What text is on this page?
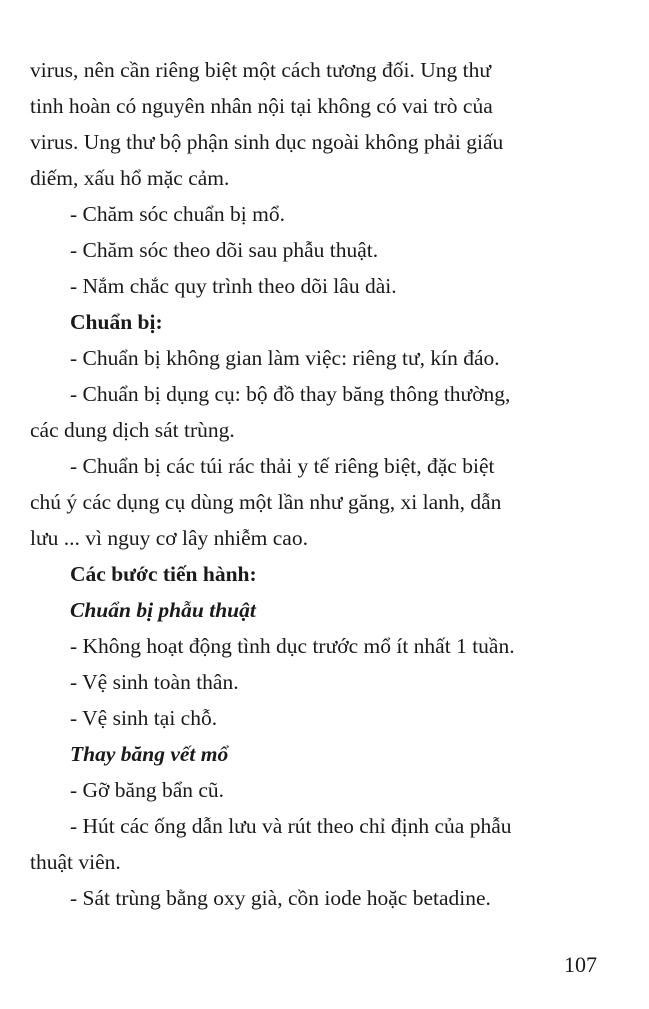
virus, nên cần riêng biệt một cách tương đối. Ung thư
tinh hoàn có nguyên nhân nội tại không có vai trò của
virus. Ung thư bộ phận sinh dục ngoài không phải giấu
diếm, xấu hổ mặc cảm.
- Chăm sóc chuẩn bị mổ.
- Chăm sóc theo dõi sau phẫu thuật.
- Nắm chắc quy trình theo dõi lâu dài.
Chuẩn bị:
- Chuẩn bị không gian làm việc: riêng tư, kín đáo.
- Chuẩn bị dụng cụ: bộ đồ thay băng thông thường,
các dung dịch sát trùng.
- Chuẩn bị các túi rác thải y tế riêng biệt, đặc biệt
chú ý các dụng cụ dùng một lần như găng, xi lanh, dẫn
lưu ... vì nguy cơ lây nhiễm cao.
Các bước tiến hành:
Chuẩn bị phẫu thuật
- Không hoạt động tình dục trước mổ ít nhất 1 tuần.
- Vệ sinh toàn thân.
- Vệ sinh tại chỗ.
Thay băng vết mổ
- Gỡ băng bẩn cũ.
- Hút các ống dẫn lưu và rút theo chỉ định của phẫu
thuật viên.
- Sát trùng bằng oxy già, cồn iode hoặc betadine.
107
